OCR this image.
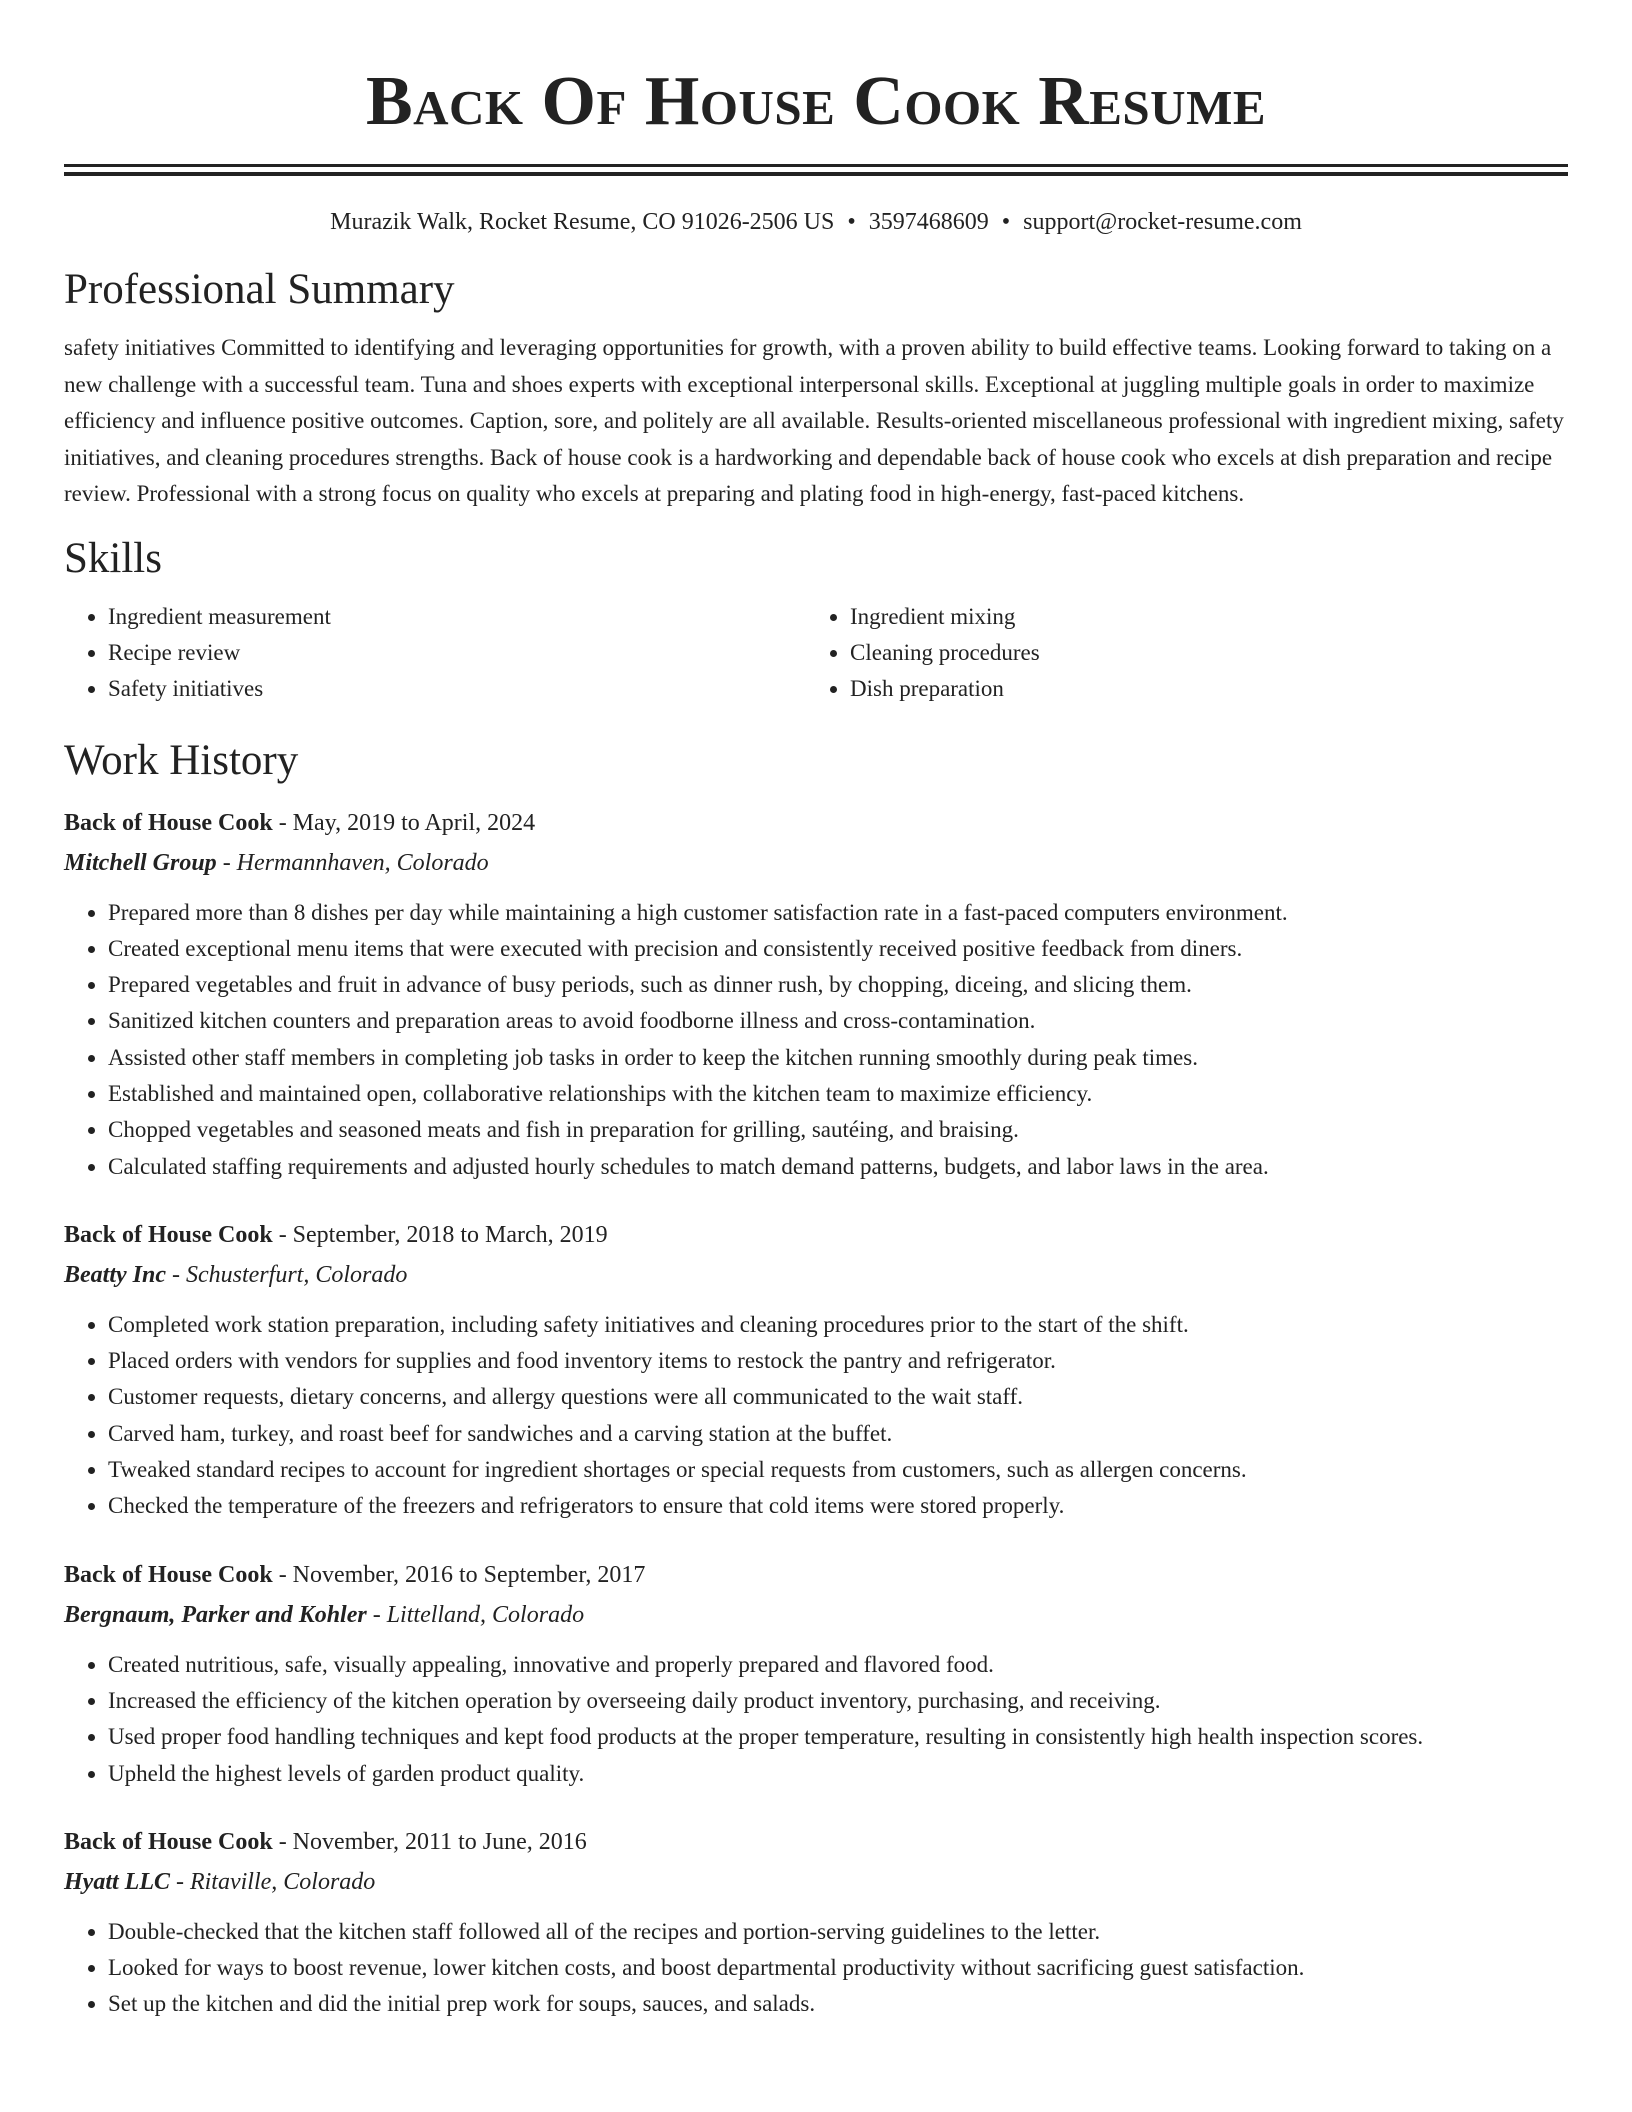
Back Of House Cook Resume
Murazik Walk, Rocket Resume, CO 91026-2506 US • 3597468609 • support@rocket-resume.com
Professional Summary

safety initiatives Committed to identifying and leveraging opportunities for growth, with a proven ability to build effective teams. Looking forward to taking on a new challenge with a successful team. Tuna and shoes experts with exceptional interpersonal skills. Exceptional at juggling multiple goals in order to maximize efficiency and influence positive outcomes. Caption, sore, and politely are all available. Results-oriented miscellaneous professional with ingredient mixing, safety initiatives, and cleaning procedures strengths. Back of house cook is a hardworking and dependable back of house cook who excels at dish preparation and recipe review. Professional with a strong focus on quality who excels at preparing and plating food in high-energy, fast-paced kitchens.

Skills
• Ingredient measurement
• Recipe review
• Safety initiatives
• Ingredient mixing
• Cleaning procedures
• Dish preparation
Work History
Back of House Cook - May, 2019 to April, 2024
Mitchell Group - Hermannhaven, Colorado
• Prepared more than 8 dishes per day while maintaining a high customer satisfaction rate in a fast-paced computers environment.
• Created exceptional menu items that were executed with precision and consistently received positive feedback from diners.
• Prepared vegetables and fruit in advance of busy periods, such as dinner rush, by chopping, diceing, and slicing them.
• Sanitized kitchen counters and preparation areas to avoid foodborne illness and cross-contamination.
• Assisted other staff members in completing job tasks in order to keep the kitchen running smoothly during peak times.
• Established and maintained open, collaborative relationships with the kitchen team to maximize efficiency.
• Chopped vegetables and seasoned meats and fish in preparation for grilling, sautéing, and braising.
• Calculated staffing requirements and adjusted hourly schedules to match demand patterns, budgets, and labor laws in the area.
Back of House Cook - September, 2018 to March, 2019
Beatty Inc - Schusterfurt, Colorado
• Completed work station preparation, including safety initiatives and cleaning procedures prior to the start of the shift.
• Placed orders with vendors for supplies and food inventory items to restock the pantry and refrigerator.
• Customer requests, dietary concerns, and allergy questions were all communicated to the wait staff.
• Carved ham, turkey, and roast beef for sandwiches and a carving station at the buffet.
• Tweaked standard recipes to account for ingredient shortages or special requests from customers, such as allergen concerns.
• Checked the temperature of the freezers and refrigerators to ensure that cold items were stored properly.
Back of House Cook - November, 2016 to September, 2017
Bergnaum, Parker and Kohler - Littelland, Colorado
• Created nutritious, safe, visually appealing, innovative and properly prepared and flavored food.
• Increased the efficiency of the kitchen operation by overseeing daily product inventory, purchasing, and receiving.
• Used proper food handling techniques and kept food products at the proper temperature, resulting in consistently high health inspection scores.
• Upheld the highest levels of garden product quality.
Back of House Cook - November, 2011 to June, 2016
Hyatt LLC - Ritaville, Colorado
• Double-checked that the kitchen staff followed all of the recipes and portion-serving guidelines to the letter.
• Looked for ways to boost revenue, lower kitchen costs, and boost departmental productivity without sacrificing guest satisfaction.
• Set up the kitchen and did the initial prep work for soups, sauces, and salads.
